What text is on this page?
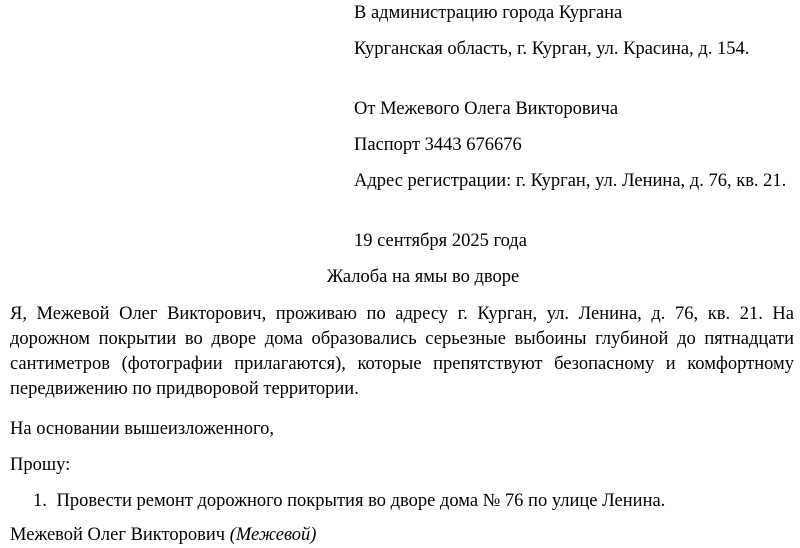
В администрацию города Кургана

Курганская область, г. Курган, ул. Красина, д. 154.

От Межевого Олега Викторовича

Паспорт 3443 676676

Адрес регистрации: г. Курган, ул. Ленина, д. 76, кв. 21.

19 сентября 2025 года

Жалоба на ямы во дворе

Я, Межевой Олег Викторович, проживаю по адресу г. Курган, ул. Ленина, д. 76, кв. 21. На дорожном покрытии во дворе дома образовались серьезные выбоины глубиной до пятнадцати сантиметров (фотографии прилагаются), которые препятствуют безопасному и комфортному передвижению по придворовой территории.

На основании вышеизложенного,

Прошу:

1. Провести ремонт дорожного покрытия во дворе дома № 76 по улице Ленина.

Межевой Олег Викторович (Межевой)
